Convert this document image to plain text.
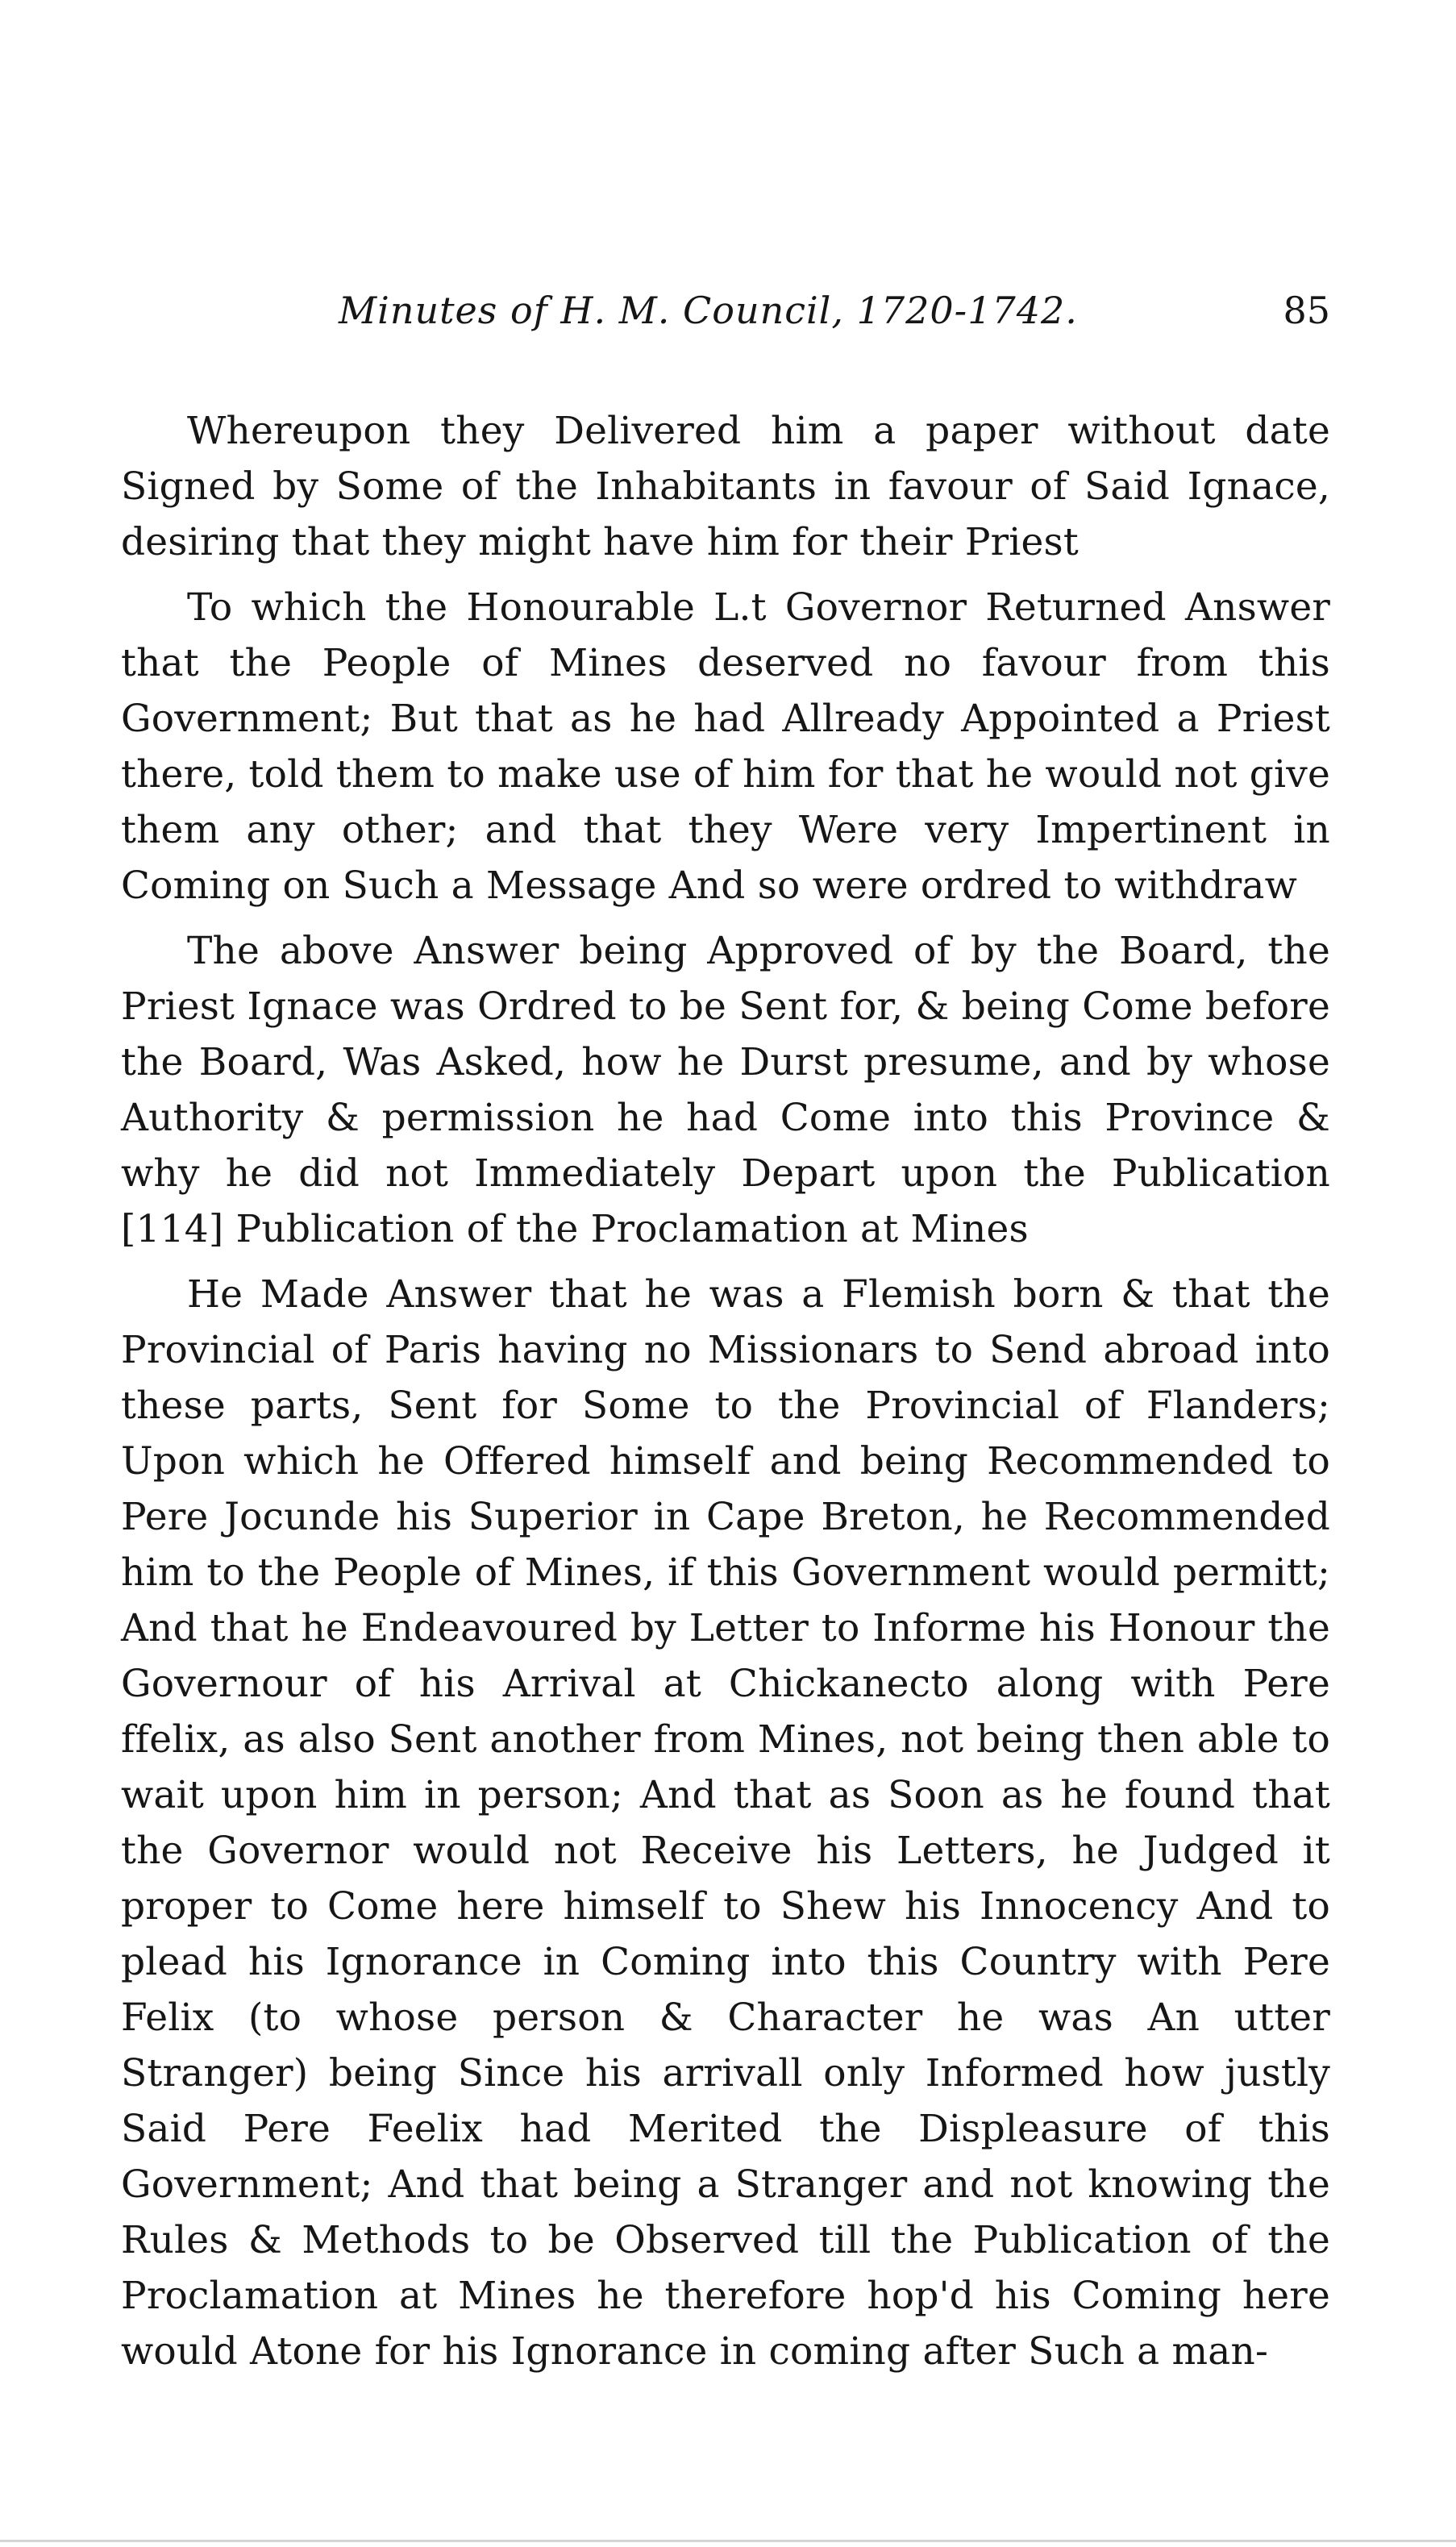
Minutes of H. M. Council, 1720-1742.	85

Whereupon they Delivered him a paper without date Signed by Some of the Inhabitants in favour of Said Ignace, desiring that they might have him for their Priest

To which the Honourable L.t Governor Returned Answer that the People of Mines deserved no favour from this Government; But that as he had Allready Appointed a Priest there, told them to make use of him for that he would not give them any other; and that they Were very Impertinent in Coming on Such a Message And so were ordred to withdraw

The above Answer being Approved of by the Board, the Priest Ignace was Ordred to be Sent for, & being Come before the Board, Was Asked, how he Durst presume, and by whose Authority & permission he had Come into this Province & why he did not Immediately Depart upon the Publication [114] Publication of the Proclamation at Mines

He Made Answer that he was a Flemish born & that the Provincial of Paris having no Missionars to Send abroad into these parts, Sent for Some to the Provincial of Flanders; Upon which he Offered himself and being Recommended to Pere Jocunde his Superior in Cape Breton, he Recommended him to the People of Mines, if this Government would permitt; And that he Endeavoured by Letter to Informe his Honour the Governour of his Arrival at Chickanecto along with Pere ffelix, as also Sent another from Mines, not being then able to wait upon him in person; And that as Soon as he found that the Governor would not Receive his Letters, he Judged it proper to Come here himself to Shew his Innocency And to plead his Ignorance in Coming into this Country with Pere Felix (to whose person & Character he was An utter Stranger) being Since his arrivall only Informed how justly Said Pere Feelix had Merited the Displeasure of this Government; And that being a Stranger and not knowing the Rules & Methods to be Observed till the Publication of the Proclamation at Mines he therefore hop'd his Coming here would Atone for his Ignorance in coming after Such a man-
